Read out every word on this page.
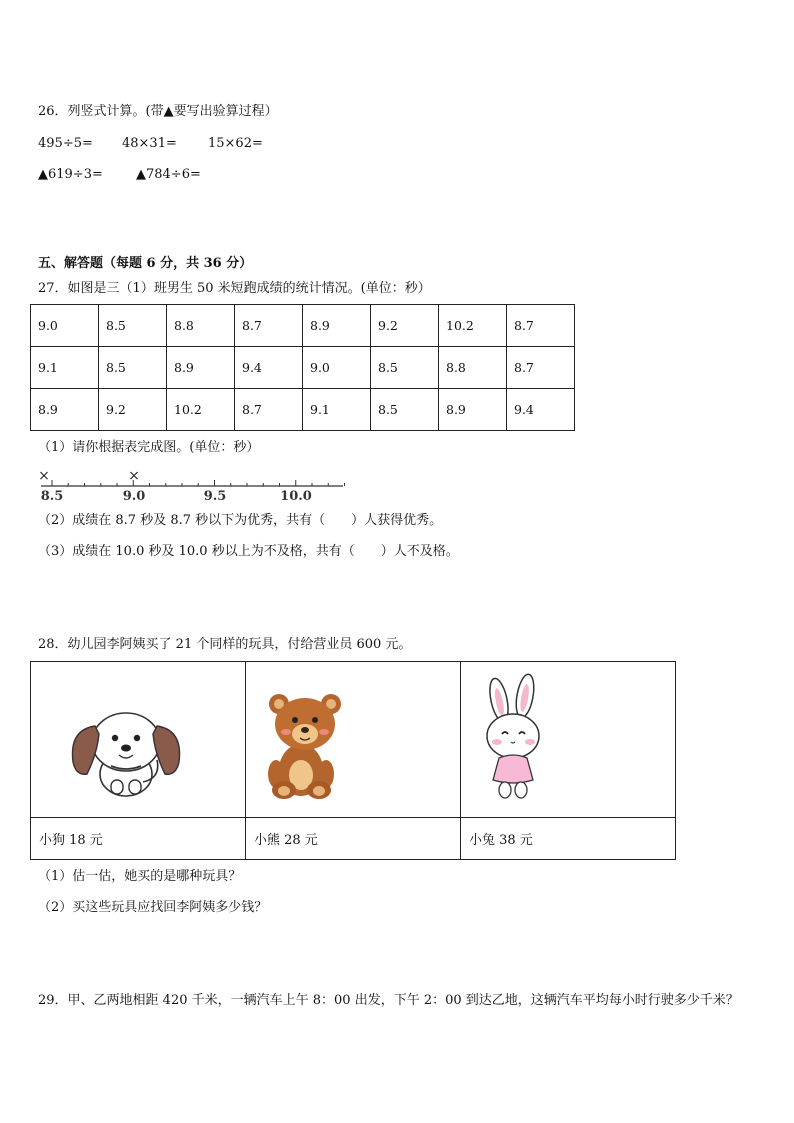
26．列竖式计算。(带▲要写出验算过程）
495÷5= 48×31= 15×62=
▲619÷3=	▲784÷6=
五、解答题（每题 6 分，共 36 分）
27．如图是三（1）班男生 50 米短跑成绩的统计情况。(单位：秒）
9.0	8.5	8.8	8.7	8.9	9.2	10.2	8.7
9.1	8.5	8.9	9.4	9.0	8.5	8.8	8.7
8.9	9.2	10.2	8.7	9.1	8.5	8.9	9.4
（1）请你根据表完成图。(单位：秒）
×	×
8.5	9.0	9.5	10.0
（2）成绩在 8.7 秒及 8.7 秒以下为优秀，共有（　　）人获得优秀。
（3）成绩在 10.0 秒及 10.0 秒以上为不及格，共有（　　）人不及格。
28．幼儿园李阿姨买了 21 个同样的玩具，付给营业员 600 元。

小狗 18 元	小熊 28 元	小兔 38 元
（1）估一估，她买的是哪种玩具？
（2）买这些玩具应找回李阿姨多少钱？
29．甲、乙两地相距 420 千米，一辆汽车上午 8：00 出发，下午 2：00 到达乙地，这辆汽车平均每小时行驶多少千米？
